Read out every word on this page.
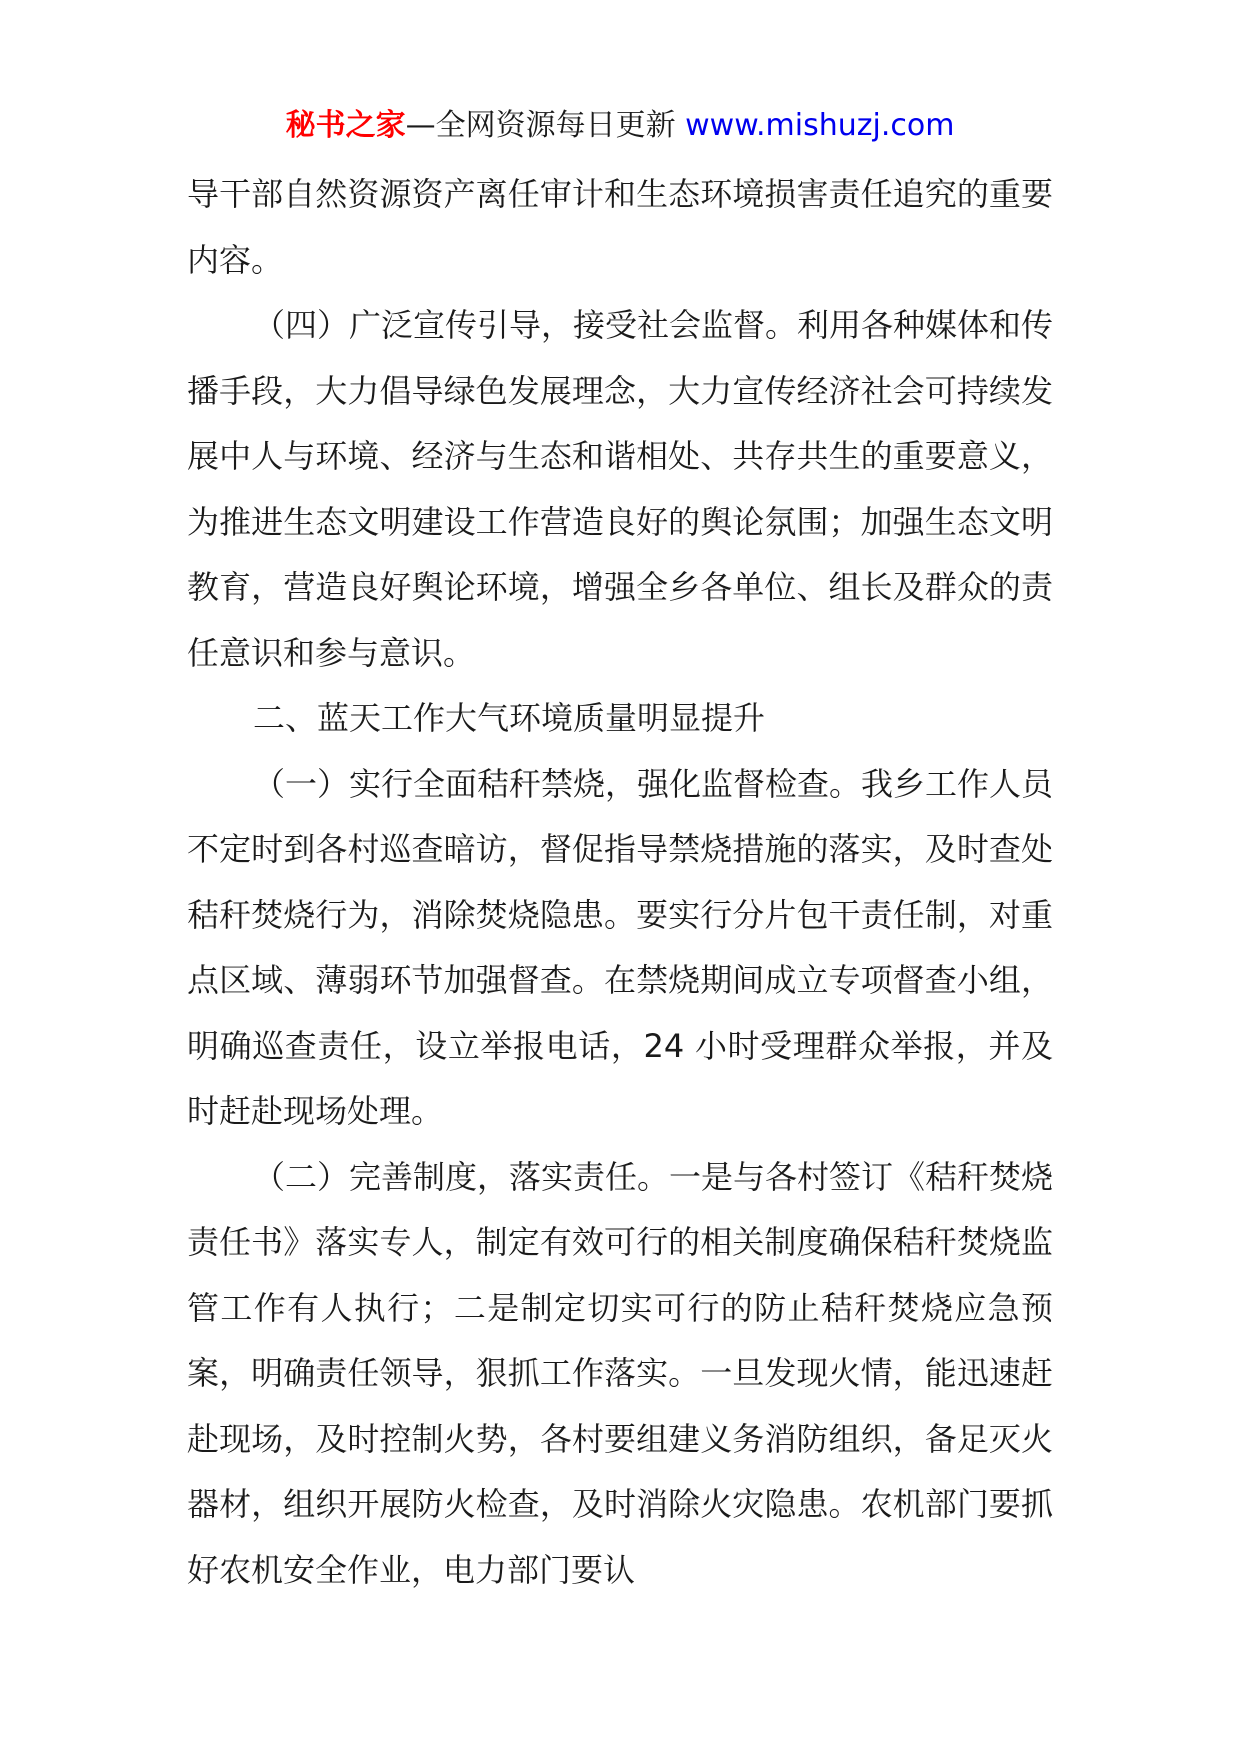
秘书之家—全网资源每日更新 www.mishuzj.com

导干部自然资源资产离任审计和生态环境损害责任追究的重要内容。

（四）广泛宣传引导，接受社会监督。利用各种媒体和传播手段，大力倡导绿色发展理念，大力宣传经济社会可持续发展中人与环境、经济与生态和谐相处、共存共生的重要意义，为推进生态文明建设工作营造良好的舆论氛围；加强生态文明教育，营造良好舆论环境，增强全乡各单位、组长及群众的责任意识和参与意识。

二、蓝天工作大气环境质量明显提升

（一）实行全面秸秆禁烧，强化监督检查。我乡工作人员不定时到各村巡查暗访，督促指导禁烧措施的落实，及时查处秸秆焚烧行为，消除焚烧隐患。要实行分片包干责任制，对重点区域、薄弱环节加强督查。在禁烧期间成立专项督查小组，明确巡查责任，设立举报电话，24 小时受理群众举报，并及时赶赴现场处理。

（二）完善制度，落实责任。一是与各村签订《秸秆焚烧责任书》落实专人，制定有效可行的相关制度确保秸秆焚烧监管工作有人执行；二是制定切实可行的防止秸秆焚烧应急预案，明确责任领导，狠抓工作落实。一旦发现火情，能迅速赶赴现场，及时控制火势，各村要组建义务消防组织，备足灭火器材，组织开展防火检查，及时消除火灾隐患。农机部门要抓好农机安全作业，电力部门要认
